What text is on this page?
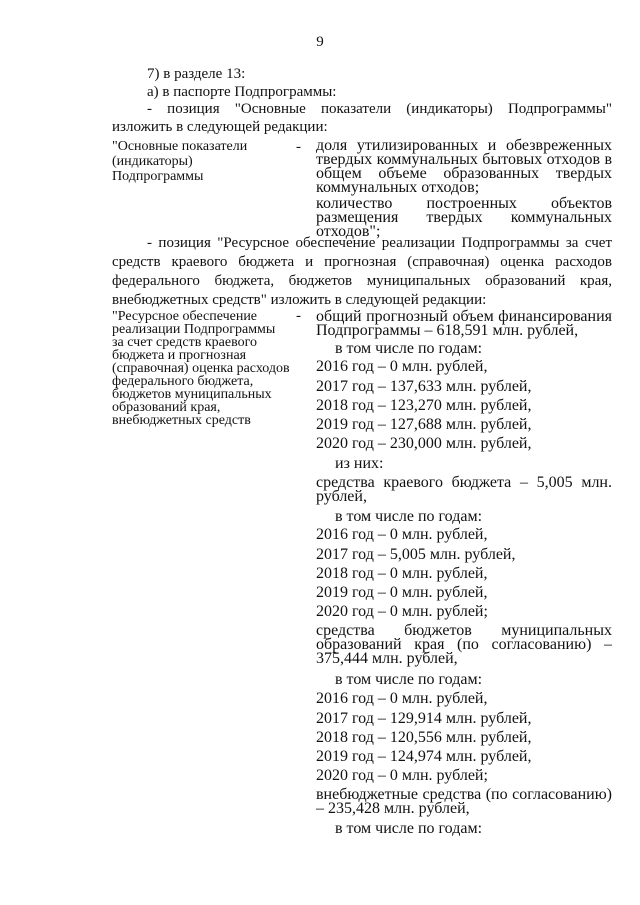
9
7) в разделе 13:
а) в паспорте Подпрограммы:
- позиция "Основные показатели (индикаторы) Подпрограммы" изложить в следующей редакции:
"Основные показатели (индикаторы) Подпрограммы
- доля утилизированных и обезвреженных твердых коммунальных бытовых отходов в общем объеме образованных твердых коммунальных отходов;
количество построенных объектов размещения твердых коммунальных отходов";
- позиция "Ресурсное обеспечение реализации Подпрограммы за счет средств краевого бюджета и прогнозная (справочная) оценка расходов федерального бюджета, бюджетов муниципальных образований края, внебюджетных средств" изложить в следующей редакции:
"Ресурсное обеспечение реализации Подпрограммы за счет средств краевого бюджета и прогнозная (справочная) оценка расходов федерального бюджета, бюджетов муниципальных образований края, внебюджетных средств
- общий прогнозный объем финансирования Подпрограммы – 618,591 млн. рублей,
в том числе по годам:
2016 год – 0 млн. рублей,
2017 год – 137,633 млн. рублей,
2018 год – 123,270 млн. рублей,
2019 год – 127,688 млн. рублей,
2020 год – 230,000 млн. рублей,
из них:
средства краевого бюджета – 5,005 млн. рублей,
в том числе по годам:
2016 год – 0 млн. рублей,
2017 год – 5,005 млн. рублей,
2018 год – 0 млн. рублей,
2019 год – 0 млн. рублей,
2020 год – 0 млн. рублей;
средства бюджетов муниципальных образований края (по согласованию) – 375,444 млн. рублей,
в том числе по годам:
2016 год – 0 млн. рублей,
2017 год – 129,914 млн. рублей,
2018 год – 120,556 млн. рублей,
2019 год – 124,974 млн. рублей,
2020 год – 0 млн. рублей;
внебюджетные средства (по согласованию) – 235,428 млн. рублей,
в том числе по годам:
